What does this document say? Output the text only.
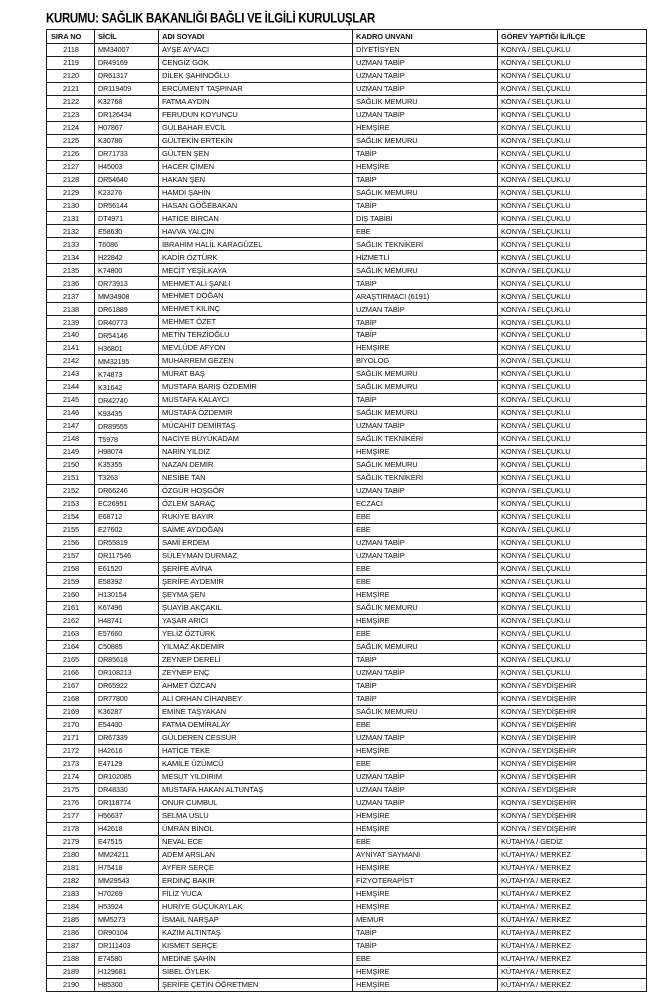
KURUMU: SAĞLIK BAKANLIĞI BAĞLI VE İLGİLİ KURULUŞLAR
SIRA NO	SİCİL	ADI SOYADI	KADRO UNVANI	GÖREV YAPTIĞI İL/İLÇE
2118	MM34007	AYŞE AYVACI	DİYETİSYEN	KONYA / SELÇUKLU
2119	DR49169	CENGİZ GÖK	UZMAN TABİP	KONYA / SELÇUKLU
2120	DR61317	DİLEK ŞAHİNOĞLU	UZMAN TABİP	KONYA / SELÇUKLU
2121	DR119409	ERCÜMENT TAŞPINAR	UZMAN TABİP	KONYA / SELÇUKLU
2122	K32768	FATMA AYDIN	SAĞLIK MEMURU	KONYA / SELÇUKLU
2123	DR126434	FERUDUN KOYUNCU	UZMAN TABİP	KONYA / SELÇUKLU
2124	H07867	GÜLBAHAR EVCİL	HEMŞİRE	KONYA / SELÇUKLU
2125	K30786	GÜLTEKİN ERTEKİN	SAĞLIK MEMURU	KONYA / SELÇUKLU
2126	DR71733	GÜLTEN ŞEN	TABİP	KONYA / SELÇUKLU
2127	H45003	HACER ÇİMEN	HEMŞİRE	KONYA / SELÇUKLU
2128	DR54640	HAKAN ŞEN	TABİP	KONYA / SELÇUKLU
2129	K23276	HAMDİ ŞAHİN	SAĞLIK MEMURU	KONYA / SELÇUKLU
2130	DR56144	HASAN GÖĞEBAKAN	TABİP	KONYA / SELÇUKLU
2131	DT4971	HATİCE BİRCAN	DİŞ TABİBİ	KONYA / SELÇUKLU
2132	E58630	HAVVA YALÇIN	EBE	KONYA / SELÇUKLU
2133	T6086	İBRAHİM HALİL KARAGÜZEL	SAĞLIK TEKNİKERİ	KONYA / SELÇUKLU
2134	H22842	KADİR ÖZTÜRK	HİZMETLİ	KONYA / SELÇUKLU
2135	K74800	MECİT YEŞİLKAYA	SAĞLIK MEMURU	KONYA / SELÇUKLU
2136	DR73913	MEHMET ALİ ŞANLI	TABİP	KONYA / SELÇUKLU
2137	MM34908	MEHMET DOĞAN	ARAŞTIRMACI (6191)	KONYA / SELÇUKLU
2138	DR61889	MEHMET KILINÇ	UZMAN TABİP	KONYA / SELÇUKLU
2139	DR40773	MEHMET ÖZET	TABİP	KONYA / SELÇUKLU
2140	DR54146	METİN TERZİOĞLU	TABİP	KONYA / SELÇUKLU
2141	H36801	MEVLÜDE AFYON	HEMŞİRE	KONYA / SELÇUKLU
2142	MM32195	MUHARREM GEZEN	BİYOLOG	KONYA / SELÇUKLU
2143	K74873	MURAT BAŞ	SAĞLIK MEMURU	KONYA / SELÇUKLU
2144	K31642	MUSTAFA BARIŞ ÖZDEMİR	SAĞLIK MEMURU	KONYA / SELÇUKLU
2145	DR42740	MUSTAFA KALAYCI	TABİP	KONYA / SELÇUKLU
2146	K93435	MUSTAFA ÖZDEMİR	SAĞLIK MEMURU	KONYA / SELÇUKLU
2147	DR89555	MÜCAHİT DEMİRTAŞ	UZMAN TABİP	KONYA / SELÇUKLU
2148	T5978	NACİYE BÜYÜKADAM	SAĞLIK TEKNİKERİ	KONYA / SELÇUKLU
2149	H98074	NARİN YILDIZ	HEMŞİRE	KONYA / SELÇUKLU
2150	K35355	NAZAN DEMİR	SAĞLIK MEMURU	KONYA / SELÇUKLU
2151	T3263	NESİBE TAN	SAĞLIK TEKNİKERİ	KONYA / SELÇUKLU
2152	DR66246	ÖZGÜR HOŞGÖR	UZMAN TABİP	KONYA / SELÇUKLU
2153	EC26951	ÖZLEM SARAÇ	ECZACI	KONYA / SELÇUKLU
2154	E68712	RUKİYE BAYIR	EBE	KONYA / SELÇUKLU
2155	E27602	SAİME AYDOĞAN	EBE	KONYA / SELÇUKLU
2156	DR55819	SAMİ ERDEM	UZMAN TABİP	KONYA / SELÇUKLU
2157	DR117546	SÜLEYMAN DURMAZ	UZMAN TABİP	KONYA / SELÇUKLU
2158	E61520	ŞERİFE AVİNA	EBE	KONYA / SELÇUKLU
2159	E58392	ŞERİFE AYDEMİR	EBE	KONYA / SELÇUKLU
2160	H130154	ŞEYMA ŞEN	HEMŞİRE	KONYA / SELÇUKLU
2161	K67496	ŞUAYİB AKÇAKIL	SAĞLIK MEMURU	KONYA / SELÇUKLU
2162	H48741	YAŞAR ARICI	HEMŞİRE	KONYA / SELÇUKLU
2163	E57660	YELİZ ÖZTÜRK	EBE	KONYA / SELÇUKLU
2164	C50885	YILMAZ AKDEMİR	SAĞLIK MEMURU	KONYA / SELÇUKLU
2165	DR85618	ZEYNEP DERELİ	TABİP	KONYA / SELÇUKLU
2166	DR108213	ZEYNEP ENÇ	UZMAN TABİP	KONYA / SELÇUKLU
2167	DR65922	AHMET ÖZCAN	TABİP	KONYA / SEYDİŞEHİR
2168	DR77800	ALİ ORHAN CİHANBEY	TABİP	KONYA / SEYDİŞEHİR
2169	K36287	EMİNE TAŞYAKAN	SAĞLIK MEMURU	KONYA / SEYDİŞEHİR
2170	E54400	FATMA DEMİRALAY	EBE	KONYA / SEYDİŞEHİR
2171	DR67339	GÜLDEREN CESSUR	UZMAN TABİP	KONYA / SEYDİŞEHİR
2172	H42616	HATİCE TEKE	HEMŞİRE	KONYA / SEYDİŞEHİR
2173	E47129	KAMİLE ÜZÜMCÜ	EBE	KONYA / SEYDİŞEHİR
2174	DR102085	MESUT YILDIRIM	UZMAN TABİP	KONYA / SEYDİŞEHİR
2175	DR48330	MUSTAFA HAKAN ALTUNTAŞ	UZMAN TABİP	KONYA / SEYDİŞEHİR
2176	DR118774	ONUR CUMBUL	UZMAN TABİP	KONYA / SEYDİŞEHİR
2177	H56637	SELMA USLU	HEMŞİRE	KONYA / SEYDİŞEHİR
2178	H42618	ÜMRAN BİNOL	HEMŞİRE	KONYA / SEYDİŞEHİR
2179	E47515	NEVAL ECE	EBE	KÜTAHYA / GEDİZ
2180	MM24211	ADEM ARSLAN	AYNİYAT SAYMANI	KÜTAHYA / MERKEZ
2181	H75418	AYFER SERÇE	HEMŞİRE	KÜTAHYA / MERKEZ
2182	MM29543	ERDİNÇ BAKIR	FİZYOTERAPİST	KÜTAHYA / MERKEZ
2183	H70269	FİLİZ YUCA	HEMŞİRE	KÜTAHYA / MERKEZ
2184	H53924	HURİYE GÜÇÜKAYLAK	HEMŞİRE	KÜTAHYA / MERKEZ
2185	MM5273	İSMAİL NARŞAP	MEMUR	KÜTAHYA / MERKEZ
2186	DR90104	KAZIM ALTINTAŞ	TABİP	KÜTAHYA / MERKEZ
2187	DR111403	KISMET SERÇE	TABİP	KÜTAHYA / MERKEZ
2188	E74580	MEDİNE ŞAHİN	EBE	KÜTAHYA / MERKEZ
2189	H129681	SİBEL ÖYLEK	HEMŞİRE	KÜTAHYA / MERKEZ
2190	H85300	ŞERİFE ÇETİN ÖĞRETMEN	HEMŞİRE	KÜTAHYA / MERKEZ
